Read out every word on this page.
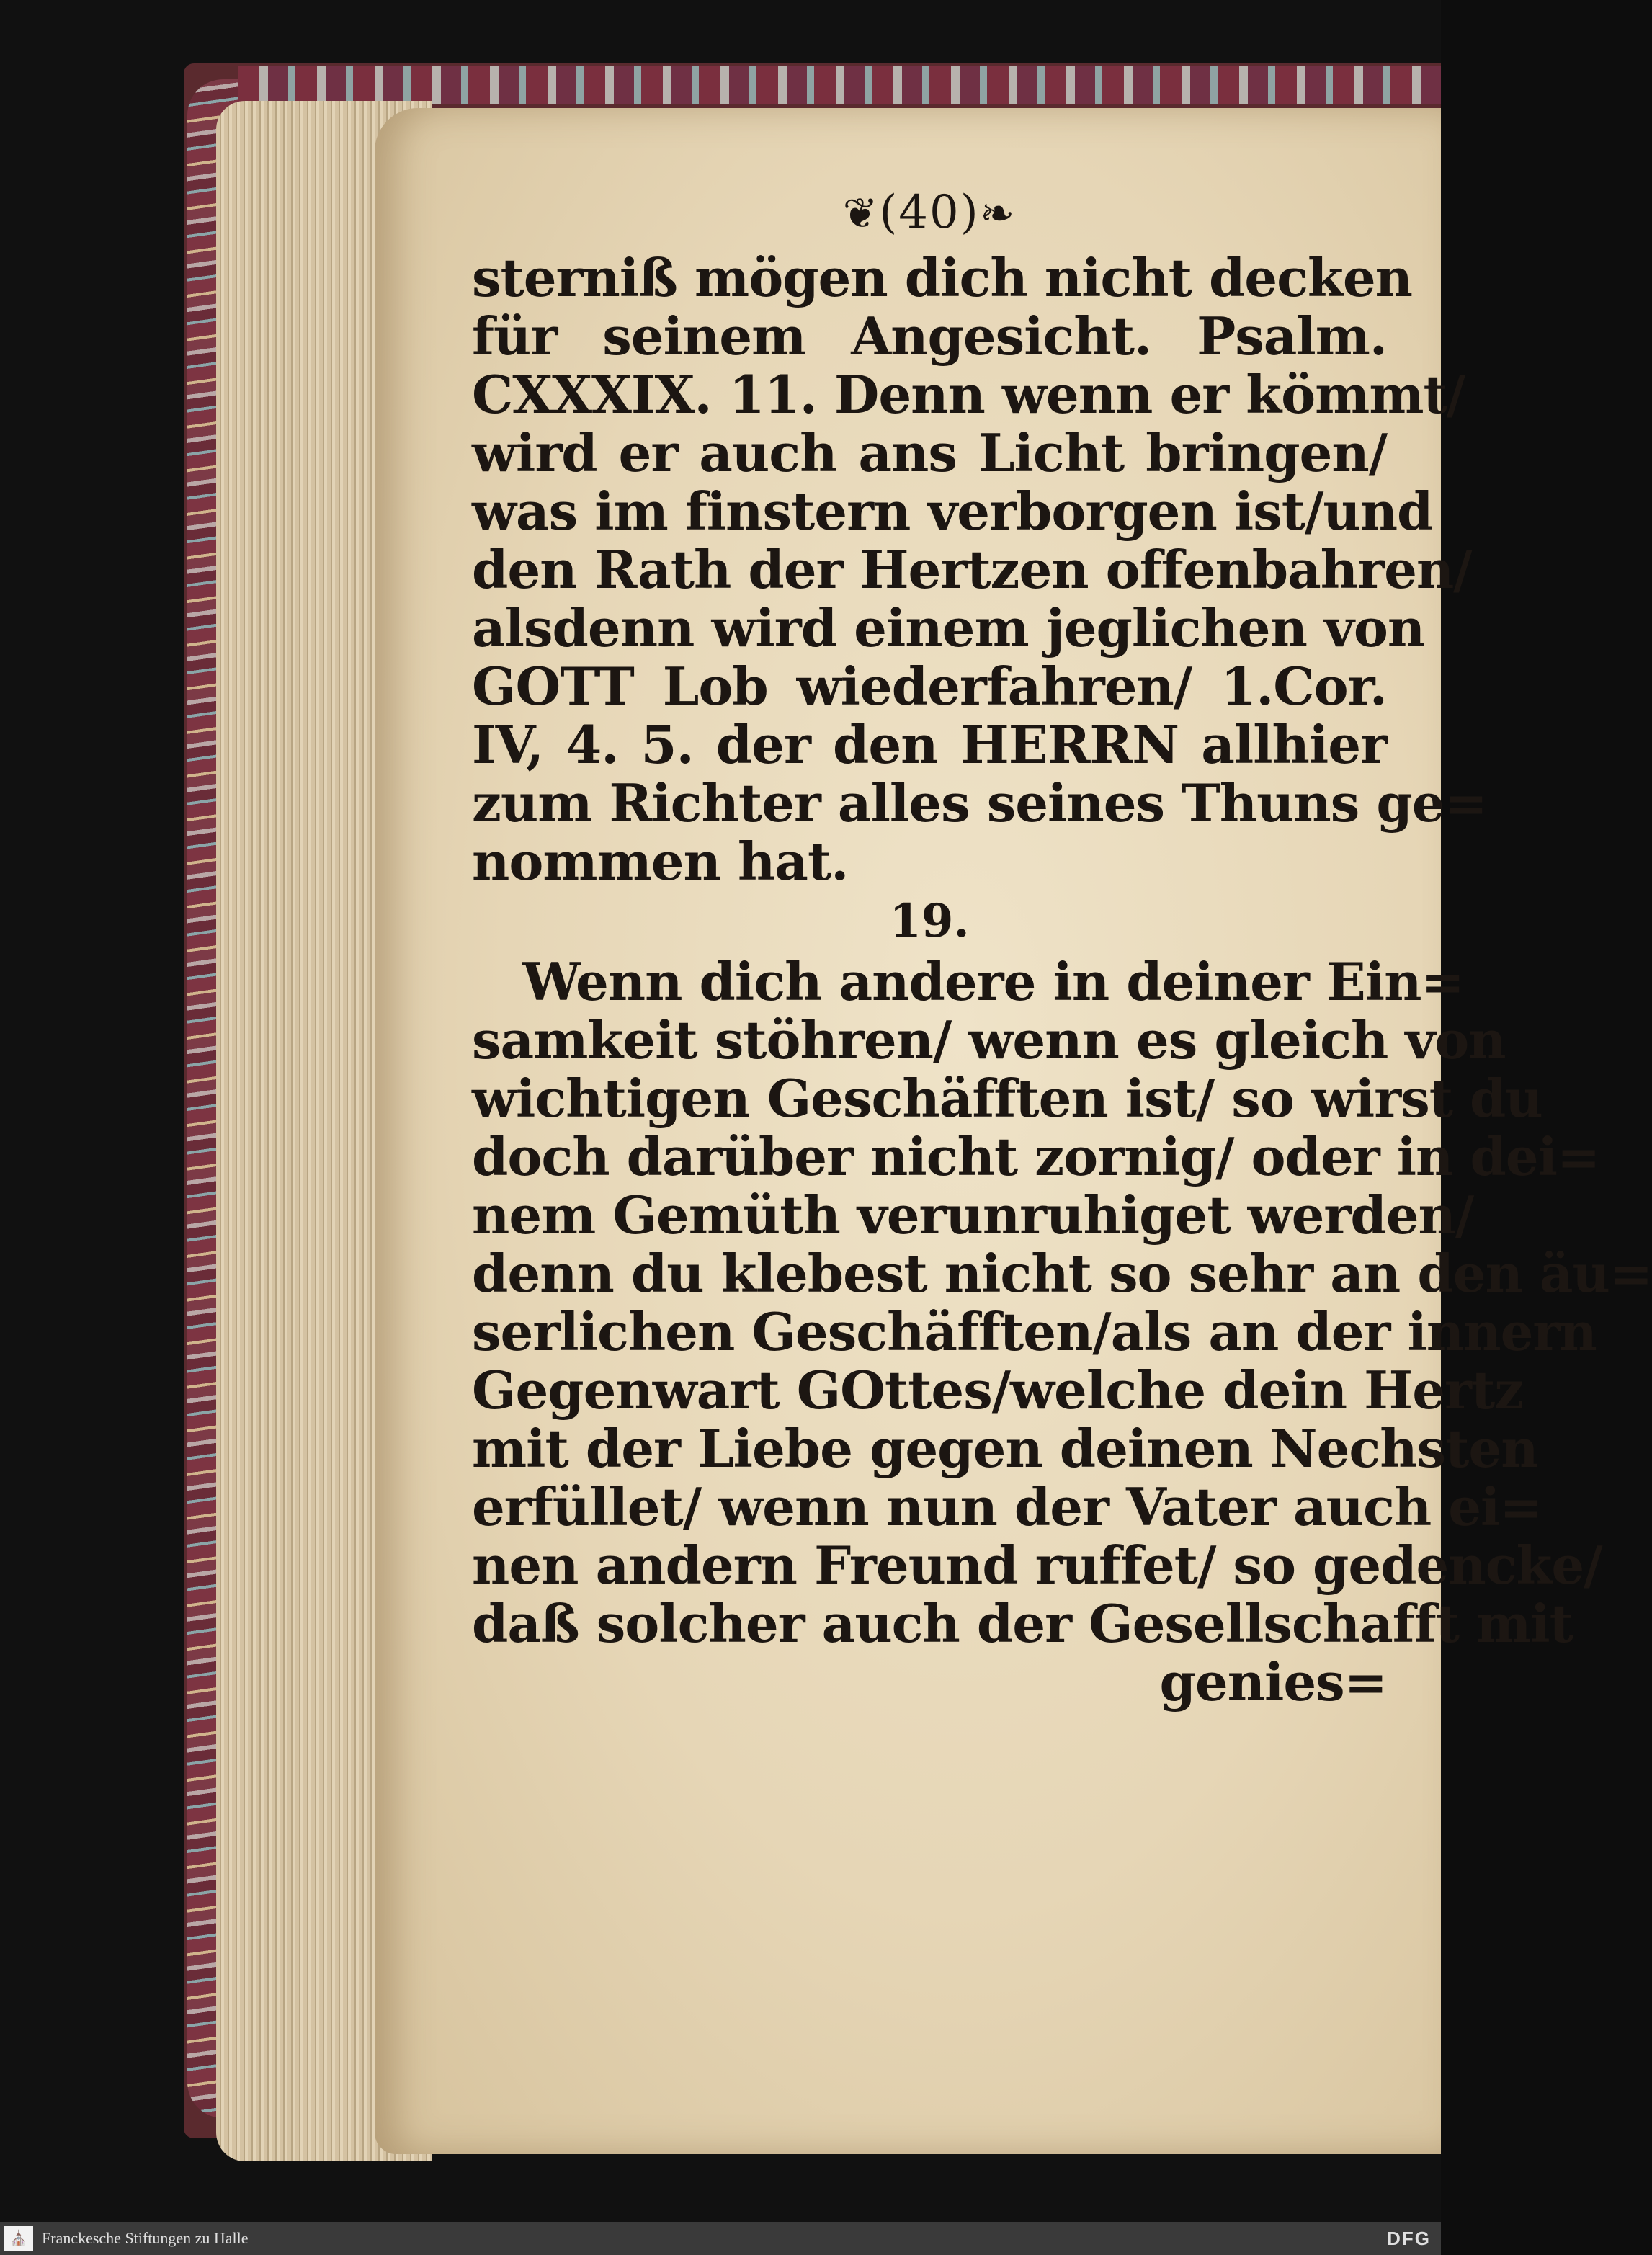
❦(40)❧
sterniß mögen dich nicht decken
für seinem Angesicht. Psalm.
CXXXIX. 11. Denn wenn er kömmt/
wird er auch ans Licht bringen/
was im finstern verborgen ist/und
den Rath der Hertzen offenbahren/
alsdenn wird einem jeglichen von
GOTT Lob wiederfahren/ 1.Cor.
IV, 4. 5. der den HERRN allhier
zum Richter alles seines Thuns ge=
nommen hat.
19.
Wenn dich andere in deiner Ein=
samkeit stöhren/ wenn es gleich von
wichtigen Geschäfften ist/ so wirst du
doch darüber nicht zornig/ oder in dei=
nem Gemüth verunruhiget werden/
denn du klebest nicht so sehr an den äu=
serlichen Geschäfften/als an der innern
Gegenwart GOttes/welche dein Hertz
mit der Liebe gegen deinen Nechsten
erfüllet/ wenn nun der Vater auch ei=
nen andern Freund ruffet/ so gedencke/
daß solcher auch der Gesellschafft mit
genies=
⛪ Franckesche Stiftungen zu Halle	DFG
